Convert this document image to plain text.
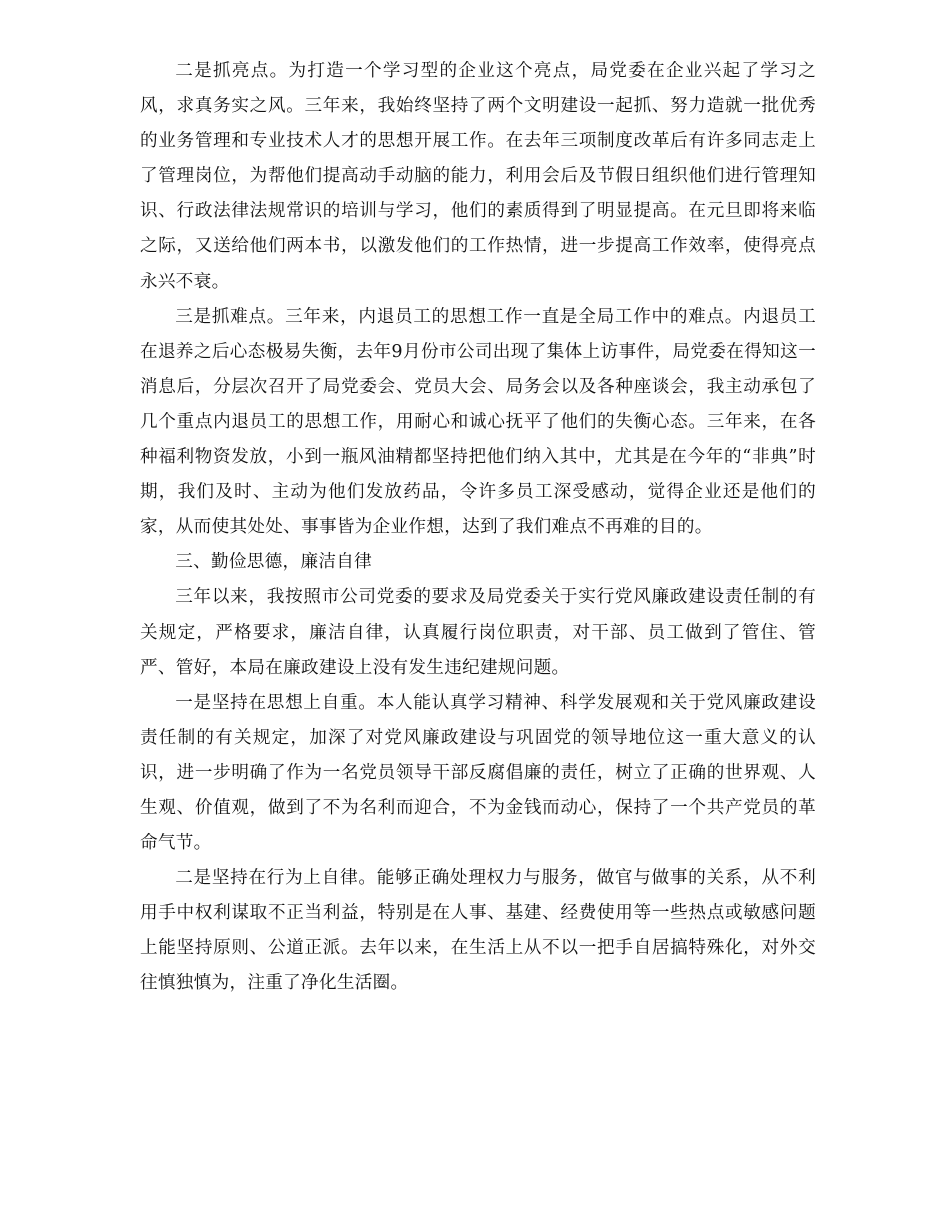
二是抓亮点。为打造一个学习型的企业这个亮点，局党委在企业兴起了学习之风，求真务实之风。三年来，我始终坚持了两个文明建设一起抓、努力造就一批优秀的业务管理和专业技术人才的思想开展工作。在去年三项制度改革后有许多同志走上了管理岗位，为帮他们提高动手动脑的能力，利用会后及节假日组织他们进行管理知识、行政法律法规常识的培训与学习，他们的素质得到了明显提高。在元旦即将来临之际，又送给他们两本书，以激发他们的工作热情，进一步提高工作效率，使得亮点永兴不衰。

三是抓难点。三年来，内退员工的思想工作一直是全局工作中的难点。内退员工在退养之后心态极易失衡，去年9月份市公司出现了集体上访事件，局党委在得知这一消息后，分层次召开了局党委会、党员大会、局务会以及各种座谈会，我主动承包了几个重点内退员工的思想工作，用耐心和诚心抚平了他们的失衡心态。三年来，在各种福利物资发放，小到一瓶风油精都坚持把他们纳入其中，尤其是在今年的“非典”时期，我们及时、主动为他们发放药品，令许多员工深受感动，觉得企业还是他们的家，从而使其处处、事事皆为企业作想，达到了我们难点不再难的目的。

三、勤俭思德，廉洁自律

三年以来，我按照市公司党委的要求及局党委关于实行党风廉政建设责任制的有关规定，严格要求，廉洁自律，认真履行岗位职责，对干部、员工做到了管住、管严、管好，本局在廉政建设上没有发生违纪建规问题。

一是坚持在思想上自重。本人能认真学习精神、科学发展观和关于党风廉政建设责任制的有关规定，加深了对党风廉政建设与巩固党的领导地位这一重大意义的认识，进一步明确了作为一名党员领导干部反腐倡廉的责任，树立了正确的世界观、人生观、价值观，做到了不为名利而迎合，不为金钱而动心，保持了一个共产党员的革命气节。

二是坚持在行为上自律。能够正确处理权力与服务，做官与做事的关系，从不利用手中权利谋取不正当利益，特别是在人事、基建、经费使用等一些热点或敏感问题上能坚持原则、公道正派。去年以来，在生活上从不以一把手自居搞特殊化，对外交往慎独慎为，注重了净化生活圈。
